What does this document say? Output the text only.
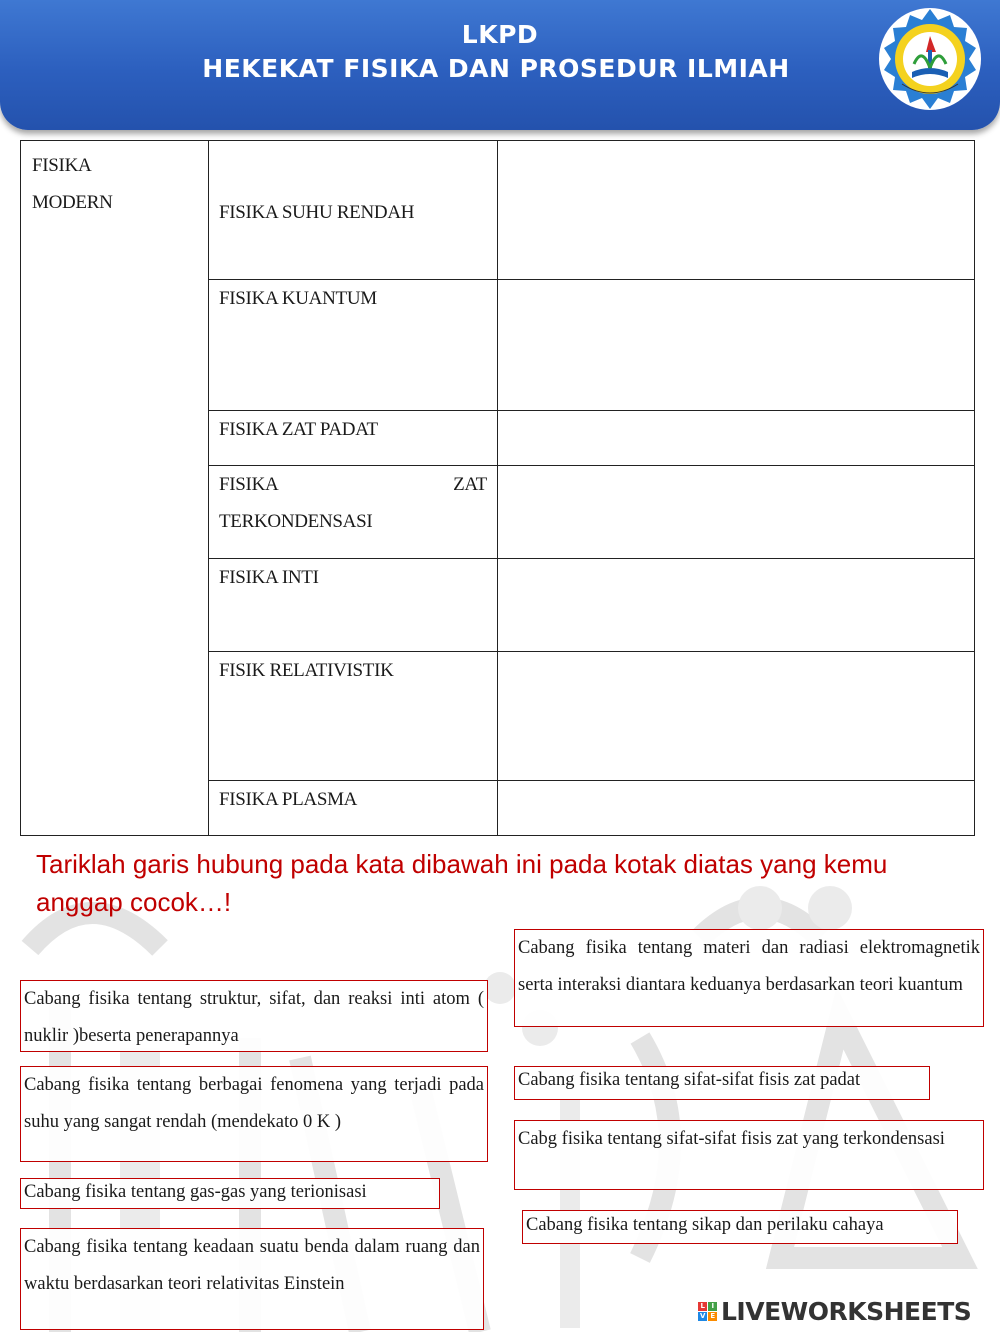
LKPD
HEKEKAT FISIKA DAN PROSEDUR ILMIAH
FISIKA
MODERN	FISIKA SUHU RENDAH	

	FISIKA KUANTUM	

	FISIKA ZAT PADAT	

	FISIKA ZAT
TERKONDENSASI	

	FISIKA INTI	

	FISIK RELATIVISTIK	

	FISIKA PLASMA	

Tariklah garis hubung pada kata dibawah ini pada kotak diatas yang kemu anggap cocok…!
Cabang fisika tentang struktur, sifat, dan reaksi inti atom ( nuklir )beserta penerapannya
Cabang fisika tentang berbagai fenomena yang terjadi pada suhu yang sangat rendah (mendekato 0 K )
Cabang fisika tentang gas-gas yang terionisasi
Cabang fisika tentang keadaan suatu benda dalam ruang dan waktu berdasarkan teori relativitas Einstein
Cabang fisika tentang materi dan radiasi elektromagnetik serta interaksi diantara keduanya berdasarkan teori kuantum
Cabang fisika tentang sifat-sifat fisis zat padat
Cabg fisika tentang sifat-sifat fisis zat yang terkondensasi
Cabang fisika tentang sikap dan perilaku cahaya
L I
V E LIVEWORKSHEETS
